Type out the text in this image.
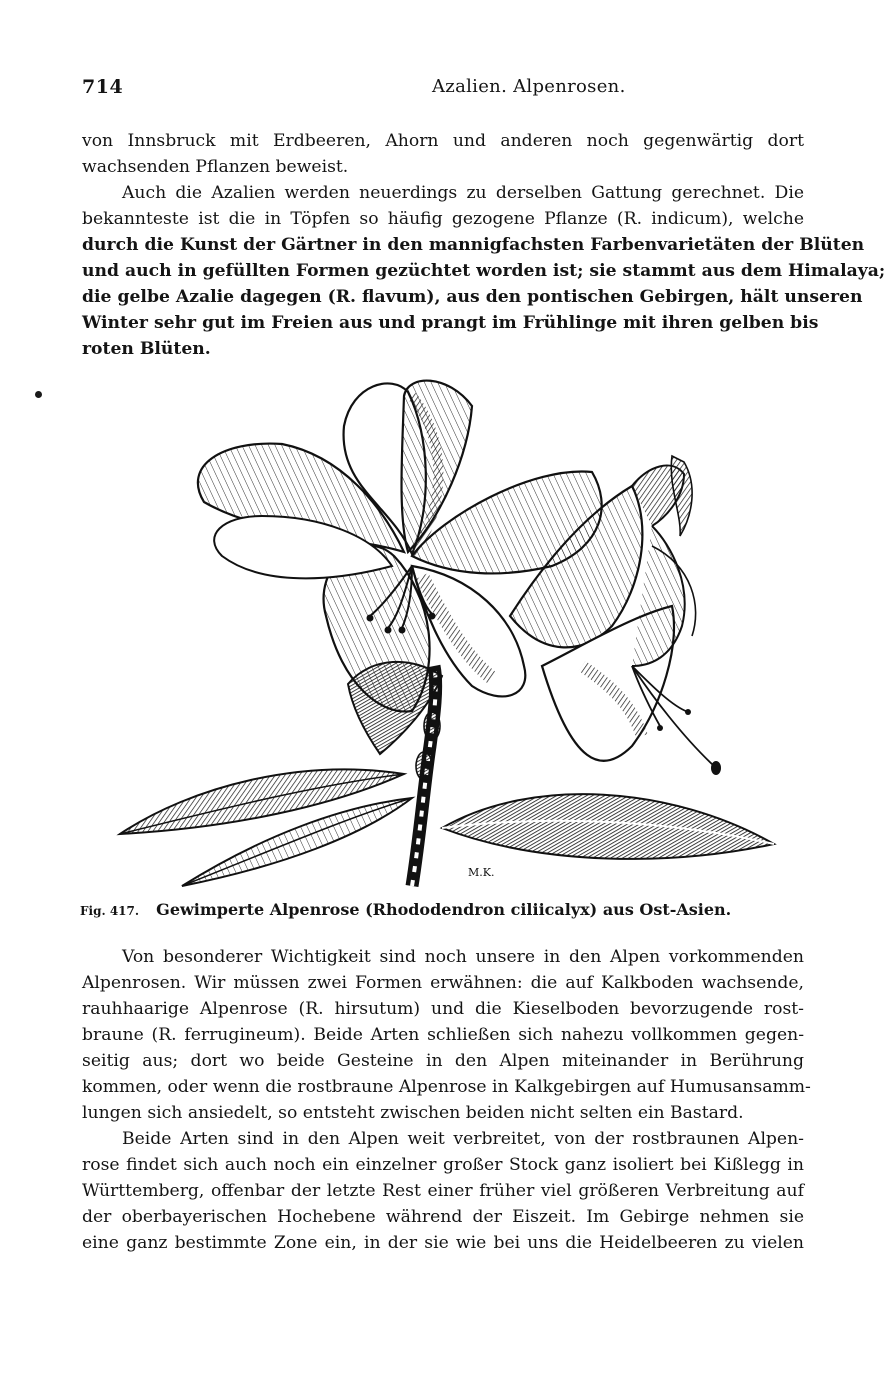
714	Azalien. Alpenrosen.
von Innsbruck mit Erdbeeren, Ahorn und anderen noch gegenwärtig dort
wachsenden Pflanzen beweist.
Auch die Azalien werden neuerdings zu derselben Gattung gerechnet. Die
bekannteste ist die in Töpfen so häufig gezogene Pflanze (R. indicum), welche
durch die Kunst der Gärtner in den mannigfachsten Farbenvarietäten der Blüten
und auch in gefüllten Formen gezüchtet worden ist; sie stammt aus dem Himalaya;
die gelbe Azalie dagegen (R. flavum), aus den pontischen Gebirgen, hält unseren
Winter sehr gut im Freien aus und prangt im Frühlinge mit ihren gelben bis
roten Blüten.
M.K.
Fig. 417. Gewimperte Alpenrose (Rhododendron ciliicalyx) aus Ost-Asien.
Von besonderer Wichtigkeit sind noch unsere in den Alpen vorkommenden
Alpenrosen. Wir müssen zwei Formen erwähnen: die auf Kalkboden wachsende,
rauhhaarige Alpenrose (R. hirsutum) und die Kieselboden bevorzugende rost-
braune (R. ferrugineum). Beide Arten schließen sich nahezu vollkommen gegen-
seitig aus; dort wo beide Gesteine in den Alpen miteinander in Berührung
kommen, oder wenn die rostbraune Alpenrose in Kalkgebirgen auf Humusansamm-
lungen sich ansiedelt, so entsteht zwischen beiden nicht selten ein Bastard.
Beide Arten sind in den Alpen weit verbreitet, von der rostbraunen Alpen-
rose findet sich auch noch ein einzelner großer Stock ganz isoliert bei Kißlegg in
Württemberg, offenbar der letzte Rest einer früher viel größeren Verbreitung auf
der oberbayerischen Hochebene während der Eiszeit. Im Gebirge nehmen sie
eine ganz bestimmte Zone ein, in der sie wie bei uns die Heidelbeeren zu vielen
